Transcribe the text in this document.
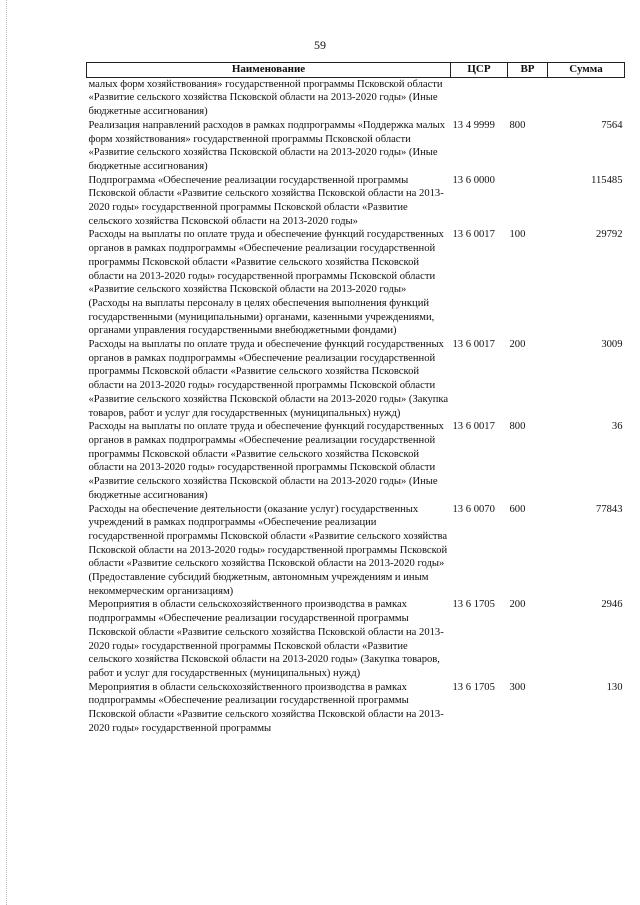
59
Наименование	ЦСР	ВР	Сумма
малых форм хозяйствования» государственной программы Псковской области «Развитие сельского хозяйства Псковской области на 2013-2020 годы» (Иные бюджетные ассигнования)			
Реализация направлений расходов в рамках подпрограммы «Поддержка малых форм хозяйствования» государственной программы Псковской области «Развитие сельского хозяйства Псковской области на 2013-2020 годы» (Иные бюджетные ассигнования)	13 4 9999	800	7564
Подпрограмма «Обеспечение реализации государственной программы Псковской области «Развитие сельского хозяйства Псковской области на 2013-2020 годы» государственной программы Псковской области «Развитие сельского хозяйства Псковской области на 2013-2020 годы»	13 6 0000		115485
Расходы на выплаты по оплате труда и обеспечение функций государственных органов в рамках подпрограммы «Обеспечение реализации государственной программы Псковской области «Развитие сельского хозяйства Псковской области на 2013-2020 годы» государственной программы Псковской области «Развитие сельского хозяйства Псковской области на 2013-2020 годы» (Расходы на выплаты персоналу в целях обеспечения выполнения функций государственными (муниципальными) органами, казенными учреждениями, органами управления государственными внебюджетными фондами)	13 6 0017	100	29792
Расходы на выплаты по оплате труда и обеспечение функций государственных органов в рамках подпрограммы «Обеспечение реализации государственной программы Псковской области «Развитие сельского хозяйства Псковской области на 2013-2020 годы» государственной программы Псковской области «Развитие сельского хозяйства Псковской области на 2013-2020 годы» (Закупка товаров, работ и услуг для государственных (муниципальных) нужд)	13 6 0017	200	3009
Расходы на выплаты по оплате труда и обеспечение функций государственных органов в рамках подпрограммы «Обеспечение реализации государственной программы Псковской области «Развитие сельского хозяйства Псковской области на 2013-2020 годы» государственной программы Псковской области «Развитие сельского хозяйства Псковской области на 2013-2020 годы» (Иные бюджетные ассигнования)	13 6 0017	800	36
Расходы на обеспечение деятельности (оказание услуг) государственных учреждений в рамках подпрограммы «Обеспечение реализации государственной программы Псковской области «Развитие сельского хозяйства Псковской области на 2013-2020 годы» государственной программы Псковской области «Развитие сельского хозяйства Псковской области на 2013-2020 годы» (Предоставление субсидий бюджетным, автономным учреждениям и иным некоммерческим организациям)	13 6 0070	600	77843
Мероприятия в области сельскохозяйственного производства в рамках подпрограммы «Обеспечение реализации государственной программы Псковской области «Развитие сельского хозяйства Псковской области на 2013-2020 годы» государственной программы Псковской области «Развитие сельского хозяйства Псковской области на 2013-2020 годы» (Закупка товаров, работ и услуг для государственных (муниципальных) нужд)	13 6 1705	200	2946
Мероприятия в области сельскохозяйственного производства в рамках подпрограммы «Обеспечение реализации государственной программы Псковской области «Развитие сельского хозяйства Псковской области на 2013-2020 годы» государственной программы	13 6 1705	300	130
